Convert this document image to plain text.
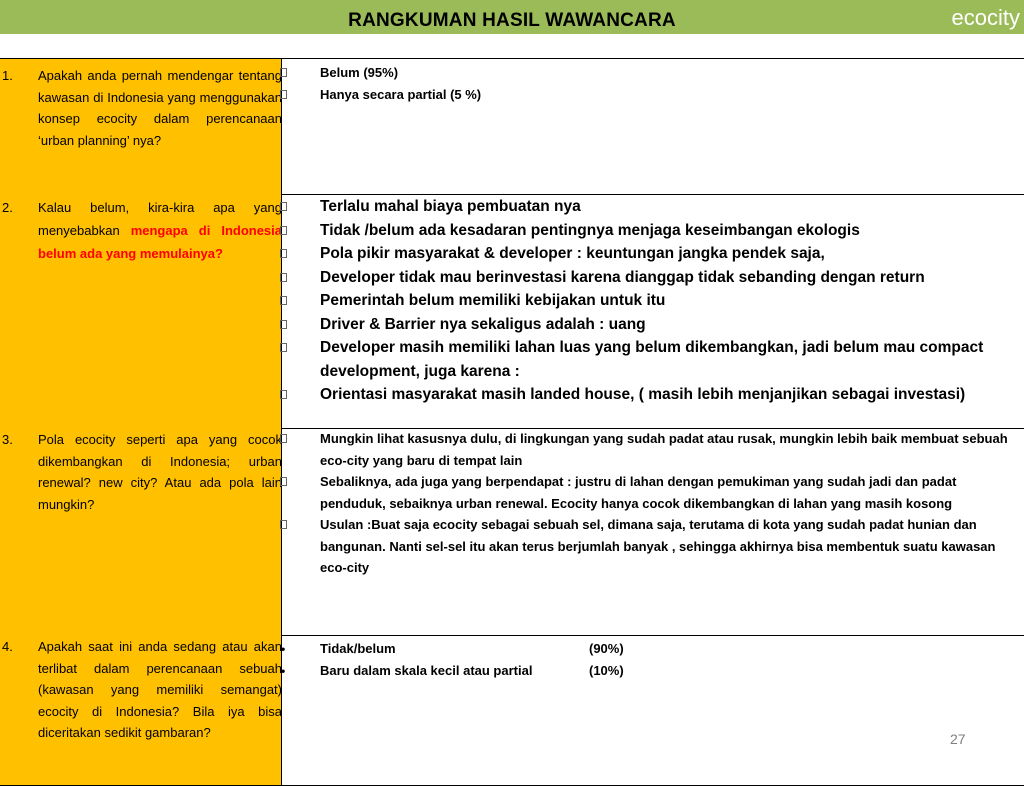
RANGKUMAN HASIL WAWANCARA	ecocity
1.	Apakah anda pernah mendengar tentang kawasan di Indonesia yang menggunakan konsep ecocity dalam perencanaan ‘urban planning’ nya?
Belum (95%)
Hanya secara partial (5 %)
2.	Kalau belum, kira-kira apa yang menyebabkan mengapa di Indonesia belum ada yang memulainya?
Terlalu mahal biaya pembuatan nya
Tidak /belum ada kesadaran pentingnya menjaga keseimbangan ekologis
Pola pikir masyarakat & developer : keuntungan jangka pendek saja,
Developer tidak mau berinvestasi karena dianggap tidak sebanding dengan return
Pemerintah belum memiliki kebijakan untuk itu
Driver & Barrier nya sekaligus adalah : uang
Developer masih memiliki lahan luas yang belum dikembangkan, jadi belum mau compact development, juga karena :
Orientasi masyarakat masih landed house, ( masih lebih menjanjikan sebagai investasi)
3.	Pola ecocity seperti apa yang cocok dikembangkan di Indonesia; urban renewal? new city? Atau ada pola lain mungkin?
Mungkin lihat kasusnya dulu, di lingkungan yang sudah padat atau rusak, mungkin lebih baik membuat sebuah eco-city yang baru di tempat lain
Sebaliknya, ada juga yang berpendapat : justru di lahan dengan pemukiman yang sudah jadi dan padat penduduk, sebaiknya urban renewal. Ecocity hanya cocok dikembangkan di lahan yang masih kosong
Usulan :Buat saja ecocity sebagai sebuah sel, dimana saja, terutama di kota yang sudah padat hunian dan bangunan. Nanti sel-sel itu akan terus berjumlah banyak , sehingga akhirnya bisa membentuk suatu kawasan eco-city
4.	Apakah saat ini anda sedang atau akan terlibat dalam perencanaan sebuah (kawasan yang memiliki semangat) ecocity di Indonesia? Bila iya bisa diceritakan sedikit gambaran?
•	Tidak/belum	(90%)
•	Baru dalam skala kecil atau partial	(10%)
27
